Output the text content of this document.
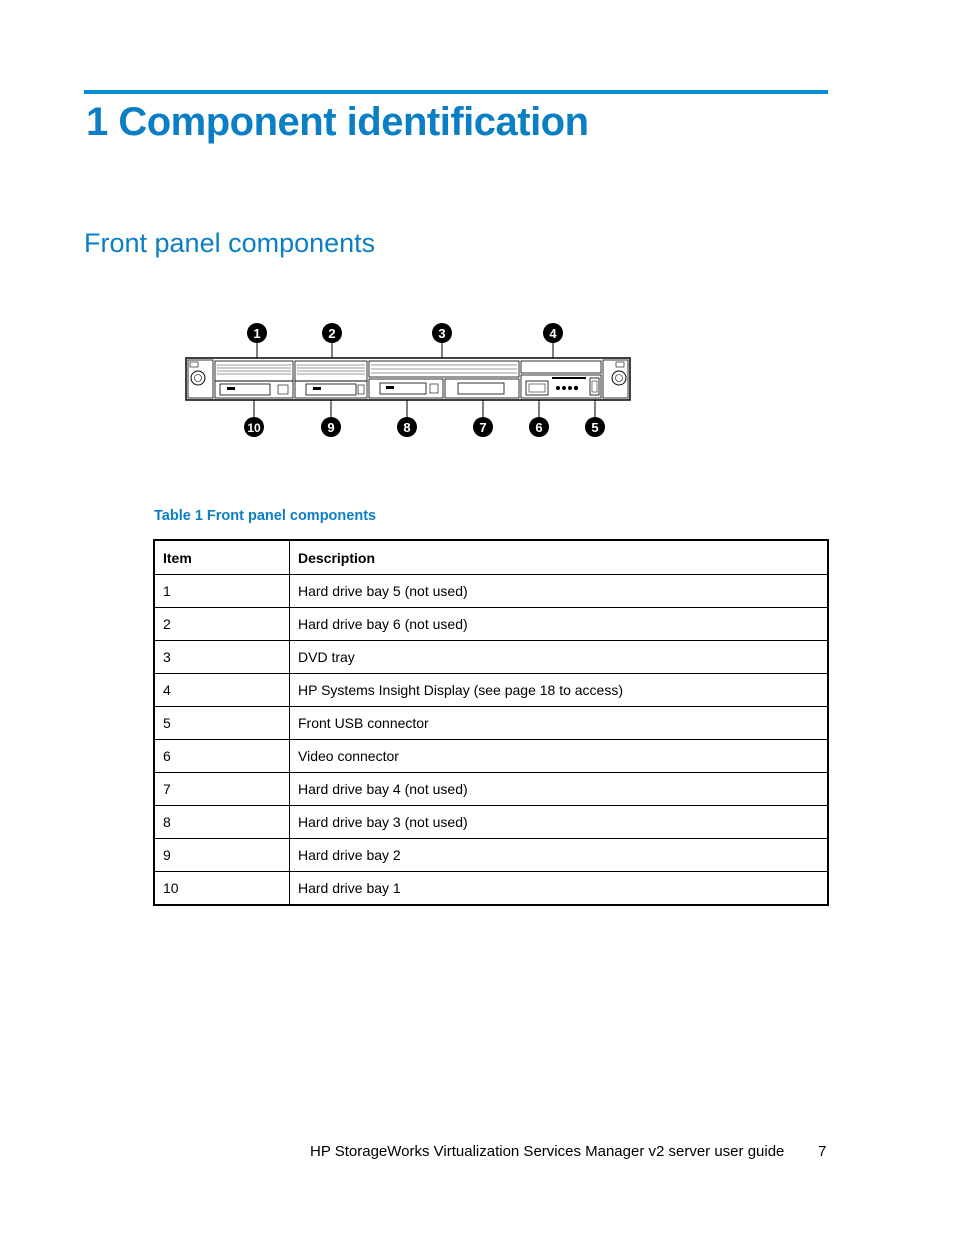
1 Component identification
Front panel components
1	2	3	4
10	9	8	7	6	5

Table 1 Front panel components

Item	Description
1	Hard drive bay 5 (not used)
2	Hard drive bay 6 (not used)
3	DVD tray
4	HP Systems Insight Display (see page 18 to access)
5	Front USB connector
6	Video connector
7	Hard drive bay 4 (not used)
8	Hard drive bay 3 (not used)
9	Hard drive bay 2
10	Hard drive bay 1
HP StorageWorks Virtualization Services Manager v2 server user guide 7
